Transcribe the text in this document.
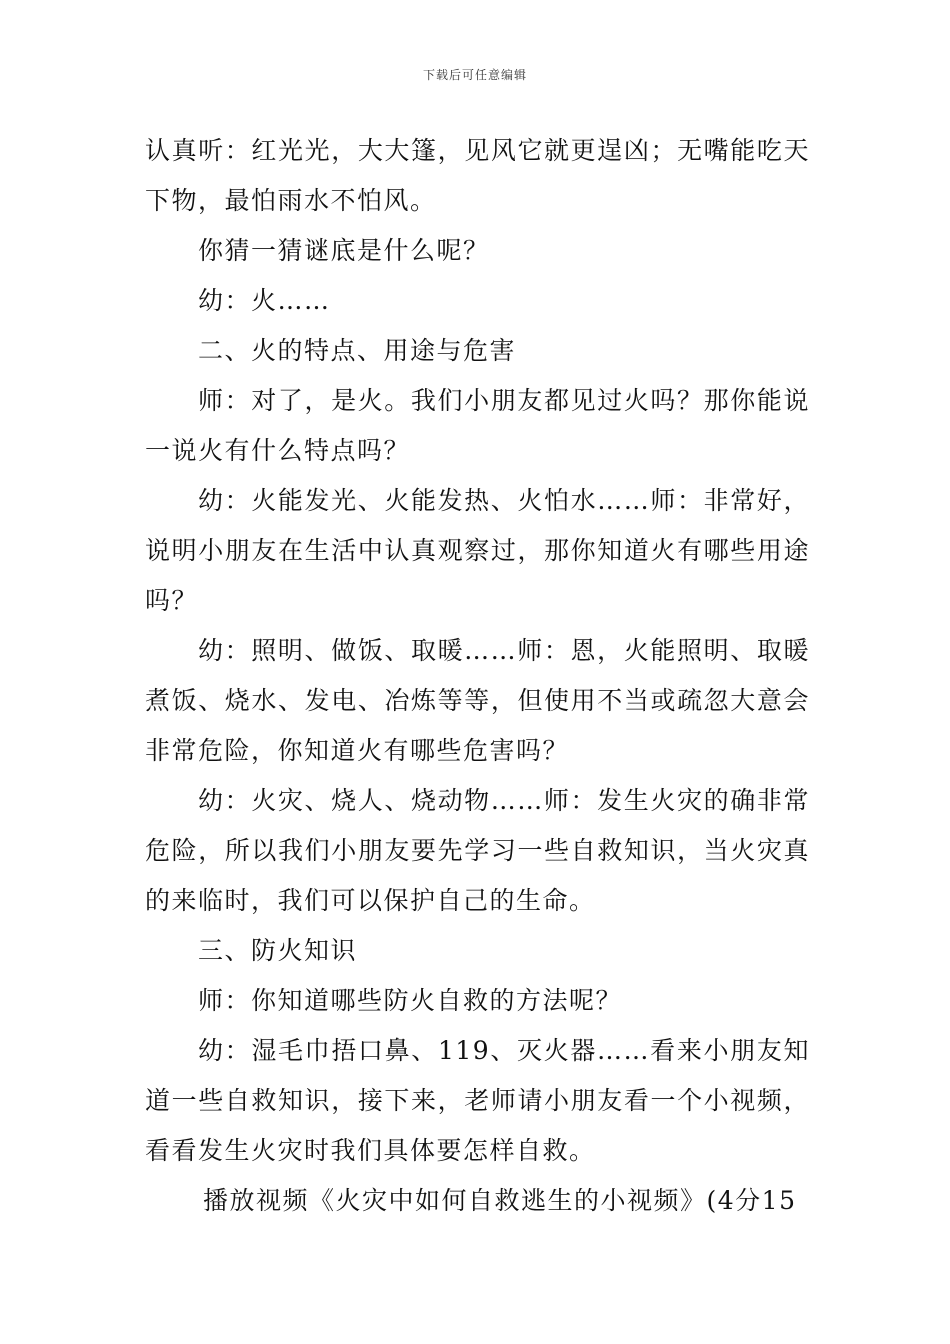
下载后可任意编辑

认真听：红光光，大大篷，见风它就更逞凶；无嘴能吃天下物，最怕雨水不怕风。

你猜一猜谜底是什么呢？

幼：火……

二、火的特点、用途与危害

师：对了，是火。我们小朋友都见过火吗？那你能说一说火有什么特点吗？

幼：火能发光、火能发热、火怕水……师：非常好，说明小朋友在生活中认真观察过，那你知道火有哪些用途吗？

幼：照明、做饭、取暖……师：恩，火能照明、取暖煮饭、烧水、发电、冶炼等等，但使用不当或疏忽大意会非常危险，你知道火有哪些危害吗？

幼：火灾、烧人、烧动物……师：发生火灾的确非常危险，所以我们小朋友要先学习一些自救知识，当火灾真的来临时，我们可以保护自己的生命。

三、防火知识

师：你知道哪些防火自救的方法呢？

幼：湿毛巾捂口鼻、119、灭火器……看来小朋友知道一些自救知识，接下来，老师请小朋友看一个小视频，看看发生火灾时我们具体要怎样自救。

播放视频《火灾中如何自救逃生的小视频》(4分15
